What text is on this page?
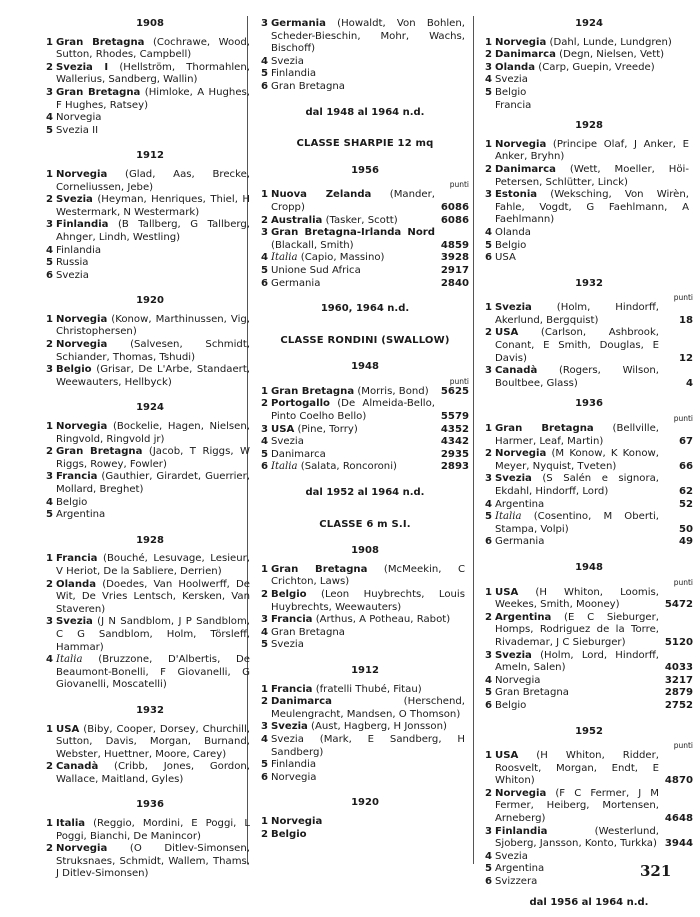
1908
1 Gran Bretagna (Cochrawe, Wood, Sutton, Rhodes, Campbell)
2 Svezia I (Hellström, Thormahlen, Wallerius, Sandberg, Wallin)
3 Gran Bretagna (Himloke, A Hughes, F Hughes, Ratsey)
4 Norvegia
5 Svezia II
1912
1 Norvegia (Glad, Aas, Brecke, Corneliussen, Jebe)
2 Svezia (Heyman, Henriques, Thiel, H Westermark, N Westermark)
3 Finlandia (B Tallberg, G Tallberg, Ahnger, Lindh, Westling)
4 Finlandia
5 Russia
6 Svezia
1920
1 Norvegia (Konow, Marthinussen, Vig, Christophersen)
2 Norvegia (Salvesen, Schmidt, Schiander, Thomas, Tshudi)
3 Belgio (Grisar, De L'Arbe, Standaert, Weewauters, Hellbyck)
1924
1 Norvegia (Bockelie, Hagen, Nielsen, Ringvold, Ringvold jr)
2 Gran Bretagna (Jacob, T Riggs, W Riggs, Rowey, Fowler)
3 Francia (Gauthier, Girardet, Guerrier, Mollard, Breghet)
4 Belgio
5 Argentina
1928
1 Francia (Bouché, Lesuvage, Lesieur, V Heriot, De la Sabliere, Derrien)
2 Olanda (Doedes, Van Hoolwerff, De Wit, De Vries Lentsch, Kersken, Van Staveren)
3 Svezia (J N Sandblom, J P Sandblom, C G Sandblom, Holm, Törsleff, Hammar)
4 Italia (Bruzzone, D'Albertis, De Beaumont-Bonelli, F Giovanelli, G Giovanelli, Moscatelli)
1932
1 USA (Biby, Cooper, Dorsey, Churchill, Sutton, Davis, Morgan, Burnand, Webster, Huettner, Moore, Carey)
2 Canadà (Cribb, Jones, Gordon, Wallace, Maitland, Gyles)
1936
1 Italia (Reggio, Mordini, E Poggi, L Poggi, Bianchi, De Manincor)
2 Norvegia (O Ditlev-Simonsen, Struksnaes, Schmidt, Wallem, Thams, J Ditlev-Simonsen)
3 Germania (Howaldt, Von Bohlen, Scheder-Bieschin, Mohr, Wachs, Bischoff)
4 Svezia
5 Finlandia
6 Gran Bretagna
dal 1948 al 1964 n.d.
CLASSE SHARPIE 12 mq
1956
punti
1 Nuova Zelanda (Mander, Cropp)	6086
2 Australia (Tasker, Scott)	6086
3 Gran Bretagna-Irlanda Nord (Blackall, Smith)	4859
4 Italia (Capio, Massino)	3928
5 Unione Sud Africa	2917
6 Germania	2840
1960, 1964 n.d.
CLASSE RONDINI (SWALLOW)
1948
punti
1 Gran Bretagna (Morris, Bond)	5625
2 Portogallo (De Almeida-Bello, Pinto Coelho Bello)	5579
3 USA (Pine, Torry)	4352
4 Svezia	4342
5 Danimarca	2935
6 Italia (Salata, Roncoroni)	2893
dal 1952 al 1964 n.d.
CLASSE 6 m S.I.
1908
1 Gran Bretagna (McMeekin, C Crichton, Laws)
2 Belgio (Leon Huybrechts, Louis Huybrechts, Weewauters)
3 Francia (Arthus, A Potheau, Rabot)
4 Gran Bretagna
5 Svezia
1912
1 Francia (fratelli Thubé, Fitau)
2 Danimarca (Herschend, Meulengracht, Mandsen, O Thomson)
3 Svezia (Aust, Hagberg, H Jonsson)
4 Svezia (Mark, E Sandberg, H Sandberg)
5 Finlandia
6 Norvegia
1920
1 Norvegia
2 Belgio
1924
1 Norvegia (Dahl, Lunde, Lundgren)
2 Danimarca (Degn, Nielsen, Vett)
3 Olanda (Carp, Guepin, Vreede)
4 Svezia
5 Belgio
Francia
1928
1 Norvegia (Principe Olaf, J Anker, E Anker, Bryhn)
2 Danimarca (Wett, Moeller, Höi-Petersen, Schlütter, Linck)
3 Estonia (Weksching, Von Wirèn, Fahle, Vogdt, G Faehlmann, A Faehlmann)
4 Olanda
5 Belgio
6 USA
1932
punti
1 Svezia (Holm, Hindorff, Akerlund, Bergquist)	18
2 USA (Carlson, Ashbrook, Conant, E Smith, Douglas, E Davis)	12
3 Canadà (Rogers, Wilson, Boultbee, Glass)	4
1936
punti
1 Gran Bretagna (Bellville, Harmer, Leaf, Martin)	67
2 Norvegia (M Konow, K Konow, Meyer, Nyquist, Tveten)	66
3 Svezia (S Salén e signora, Ekdahl, Hindorff, Lord)	62
4 Argentina	52
5 Italia (Cosentino, M Oberti, Stampa, Volpi)	50
6 Germania	49
1948
punti
1 USA (H Whiton, Loomis, Weekes, Smith, Mooney)	5472
2 Argentina (E C Sieburger, Homps, Rodriguez de la Torre, Rivademar, J C Sieburger)	5120
3 Svezia (Holm, Lord, Hindorff, Ameln, Salen)	4033
4 Norvegia	3217
5 Gran Bretagna	2879
6 Belgio	2752
1952
punti
1 USA (H Whiton, Ridder, Roosvelt, Morgan, Endt, E Whiton)	4870
2 Norvegia (F C Fermer, J M Fermer, Heiberg, Mortensen, Arneberg)	4648
3 Finlandia (Westerlund, Sjoberg, Jansson, Konto, Turkka) 3944
4 Svezia
5 Argentina
6 Svizzera
dal 1956 al 1964 n.d.
321
